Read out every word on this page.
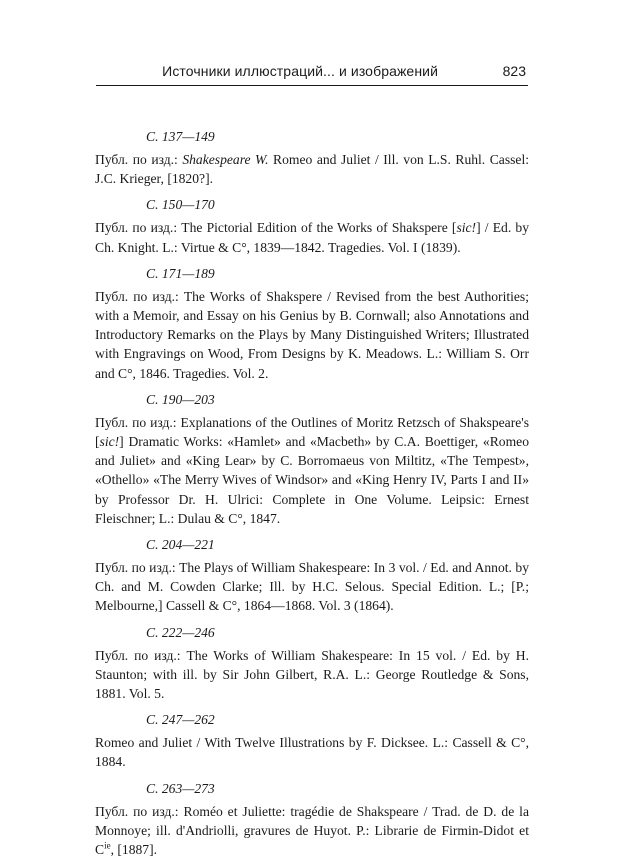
Источники иллюстраций... и изображений	823
С. 137—149

Публ. по изд.: Shakespeare W. Romeo and Juliet / Ill. von L.S. Ruhl. Cassel: J.C. Krieger, [1820?].

С. 150—170

Публ. по изд.: The Pictorial Edition of the Works of Shakspere [sic!] / Ed. by Ch. Knight. L.: Virtue & C°, 1839—1842. Tragedies. Vol. I (1839).

С. 171—189

Публ. по изд.: The Works of Shakspere / Revised from the best Authorities; with a Memoir, and Essay on his Genius by B. Cornwall; also Annotations and Introductory Remarks on the Plays by Many Distinguished Writers; Illustrated with Engravings on Wood, From Designs by K. Meadows. L.: William S. Orr and C°, 1846. Tragedies. Vol. 2.

С. 190—203

Публ. по изд.: Explanations of the Outlines of Moritz Retzsch of Shakspeare's [sic!] Dramatic Works: «Hamlet» and «Macbeth» by C.A. Boettiger, «Romeo and Juliet» and «King Lear» by C. Borromaeus von Miltitz, «The Tempest», «Othello» «The Merry Wives of Windsor» and «King Henry IV, Parts I and II» by Professor Dr. H. Ulrici: Complete in One Volume. Leipsic: Ernest Fleischner; L.: Dulau & C°, 1847.

С. 204—221

Публ. по изд.: The Plays of William Shakespeare: In 3 vol. / Ed. and Annot. by Ch. and M. Cowden Clarke; Ill. by H.C. Selous. Special Edition. L.; [P.; Melbourne,] Cassell & C°, 1864—1868. Vol. 3 (1864).

С. 222—246

Публ. по изд.: The Works of William Shakespeare: In 15 vol. / Ed. by H. Staunton; with ill. by Sir John Gilbert, R.A. L.: George Routledge & Sons, 1881. Vol. 5.

С. 247—262

Romeo and Juliet / With Twelve Illustrations by F. Dicksee. L.: Cassell & C°, 1884.

С. 263—273

Публ. по изд.: Roméo et Juliette: tragédie de Shakspeare / Trad. de D. de la Monnoye; ill. d'Andriolli, gravures de Huyot. P.: Librarie de Firmin-Didot et $C^{ie}$, [1887].
